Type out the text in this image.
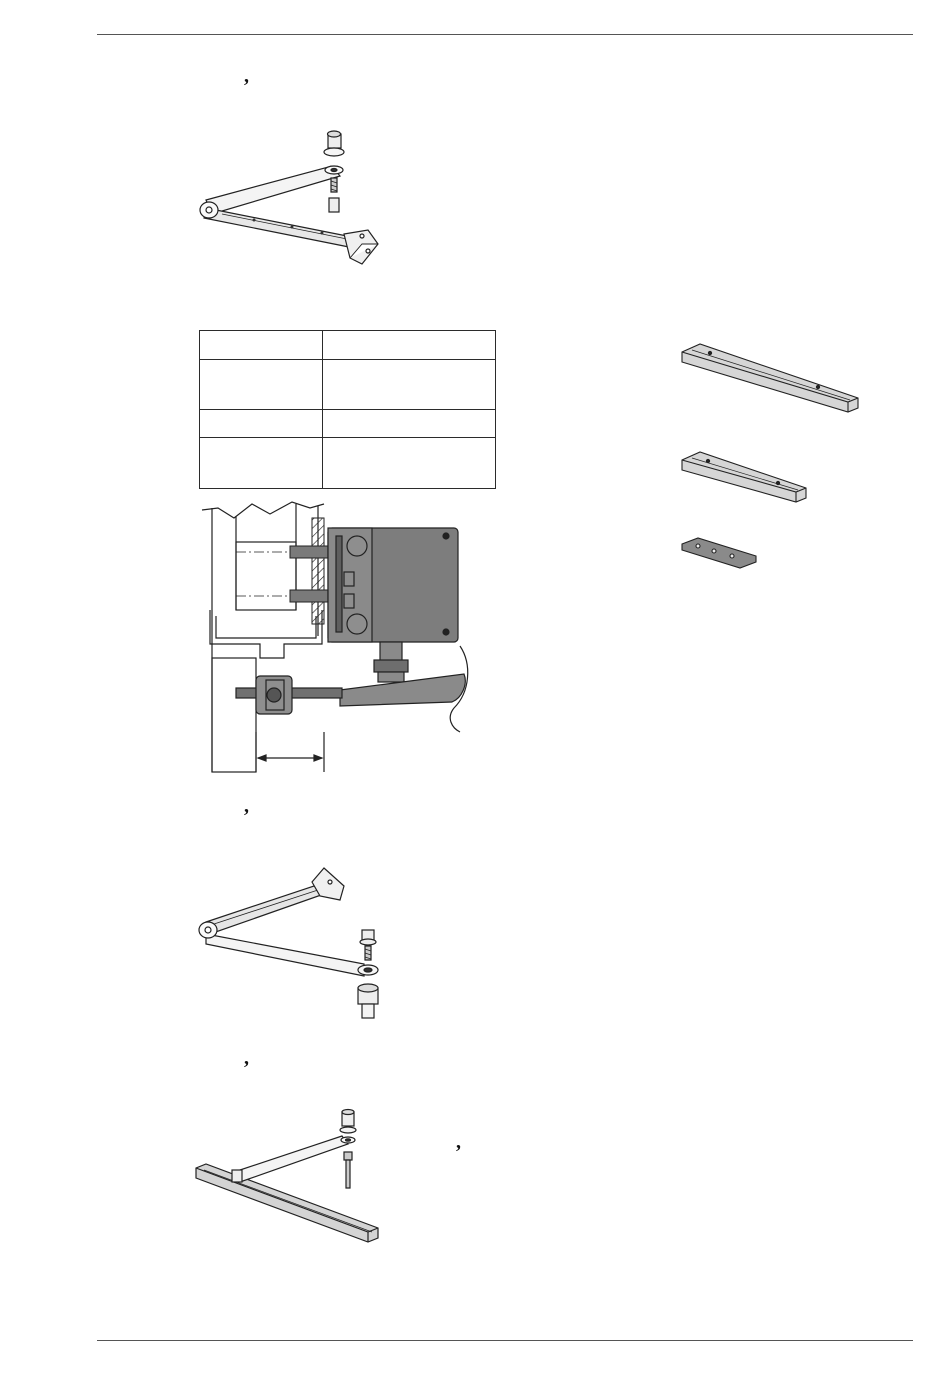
’

’
’
’
